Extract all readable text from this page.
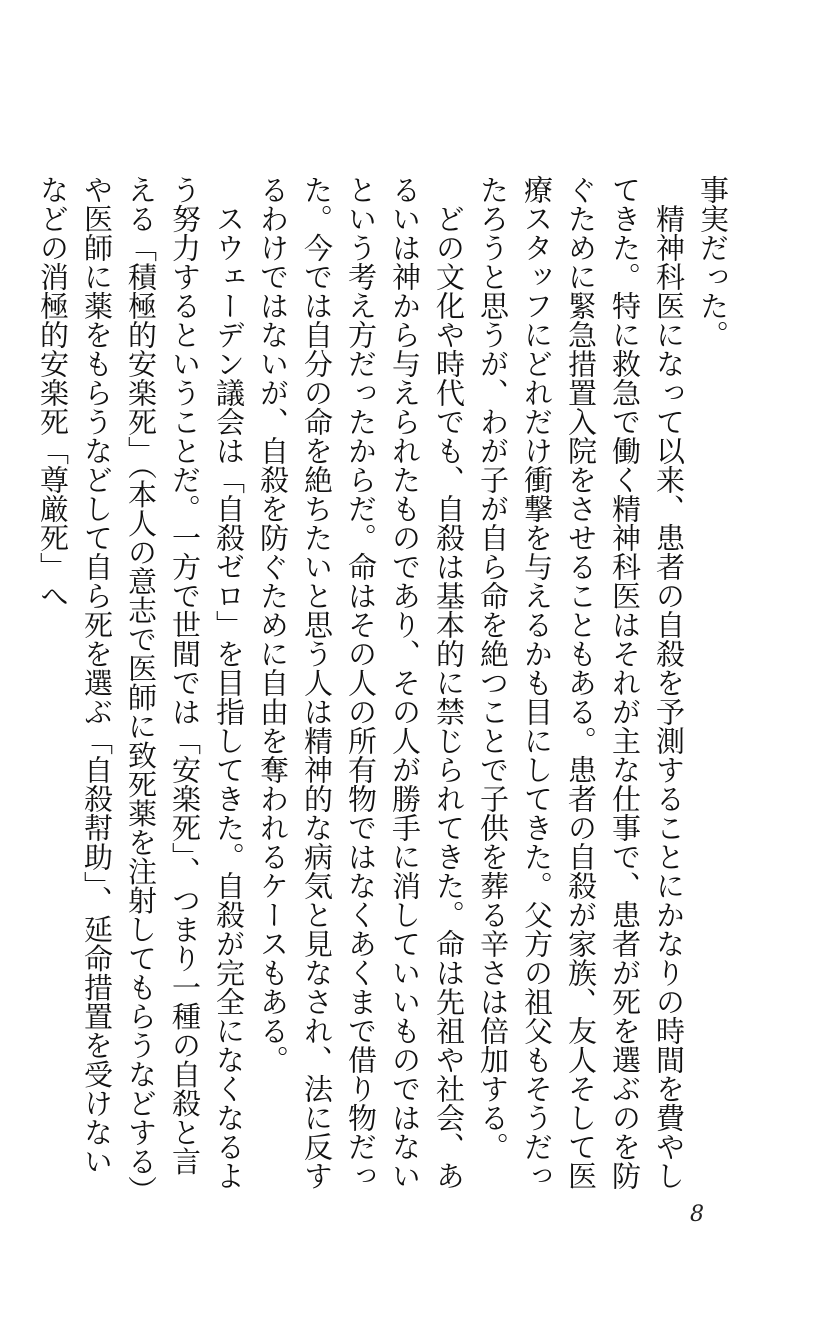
事実だった。

精神科医になって以来、患者の自殺を予測することにかなりの時間を費やしてきた。特に救急で働く精神科医はそれが主な仕事で、患者が死を選ぶのを防ぐために緊急措置入院をさせることもある。患者の自殺が家族、友人そして医療スタッフにどれだけ衝撃を与えるかも目にしてきた。父方の祖父もそうだったろうと思うが、わが子が自ら命を絶つことで子供を葬る辛さは倍加する。

どの文化や時代でも、自殺は基本的に禁じられてきた。命は先祖や社会、あるいは神から与えられたものであり、その人が勝手に消していいものではないという考え方だったからだ。命はその人の所有物ではなくあくまで借り物だった。今では自分の命を絶ちたいと思う人は精神的な病気と見なされ、法に反するわけではないが、自殺を防ぐために自由を奪われるケースもある。

スウェーデン議会は「自殺ゼロ」を目指してきた。自殺が完全になくなるよう努力するということだ。一方で世間では「安楽死」、つまり一種の自殺と言える「積極的安楽死」（本人の意志で医師に致死薬を注射してもらうなどする）や医師に薬をもらうなどして自ら死を選ぶ「自殺幇助」、延命措置を受けないなどの消極的安楽死「尊厳死」へ

8
